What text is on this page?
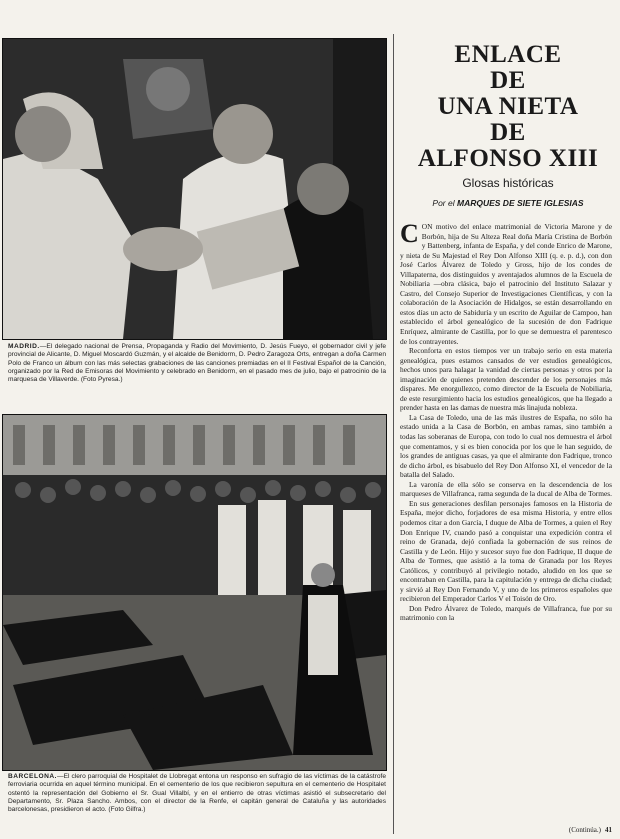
MADRID.—El delegado nacional de Prensa, Propaganda y Radio del Movimiento, D. Jesús Fueyo, el gobernador civil y jefe provincial de Alicante, D. Miguel Moscardó Guzmán, y el alcalde de Benidorm, D. Pedro Zaragoza Orts, entregan a doña Carmen Polo de Franco un álbum con las más selectas grabaciones de las canciones premiadas en el II Festival Español de la Canción, organizado por la Red de Emisoras del Movimiento y celebrado en Benidorm, en el pasado mes de julio, bajo el patrocinio de la marquesa de Villaverde. (Foto Pyresa.)
BARCELONA.—El clero parroquial de Hospitalet de Llobregat entona un responso en sufragio de las víctimas de la catástrofe ferroviaria ocurrida en aquel término municipal. En el cementerio de los que recibieron sepultura en el cementerio de Hospitalet ostentó la representación del Gobierno el Sr. Gual Villalbí, y en el entierro de otras víctimas asistió el subsecretario del Departamento, Sr. Plaza Sancho. Ambos, con el director de la Renfe, el capitán general de Cataluña y las autoridades barcelonesas, presidieron el acto. (Foto Gilfra.)
ENLACE
DE
UNA NIETA
DE
ALFONSO XIII
Glosas históricas
Por el MARQUES DE SIETE IGLESIAS

CON motivo del enlace matrimonial de Victoria Marone y de Borbón, hija de Su Alteza Real doña María Cristina de Borbón y Battenberg, infanta de España, y del conde Enrico de Marone, y nieta de Su Majestad el Rey Don Alfonso XIII (q. e. p. d.), con don José Carlos Álvarez de Toledo y Gross, hijo de los condes de Villapaterna, dos distinguidos y aventajados alumnos de la Escuela de Nobiliaria —obra clásica, bajo el patrocinio del Instituto Salazar y Castro, del Consejo Superior de Investigaciones Científicas, y con la colaboración de la Asociación de Hidalgos, se están desarrollando en estos días un acto de Sabiduría y un escrito de Aguilar de Campoo, han establecido el árbol genealógico de la sucesión de don Fadrique Enríquez, almirante de Castilla, por lo que se demuestra el parentesco de los contrayentes.

Reconforta en estos tiempos ver un trabajo serio en esta materia genealógica, pues estamos cansados de ver estudios genealógicos, hechos unos para halagar la vanidad de ciertas personas y otros por la imaginación de quienes pretenden descender de los personajes más dispares. Me enorgullezco, como director de la Escuela de Nobiliaria, de este resurgimiento hacia los estudios genealógicos, que ha llegado a prender hasta en las damas de nuestra más linajuda nobleza.

La Casa de Toledo, una de las más ilustres de España, no sólo ha estado unida a la Casa de Borbón, en ambas ramas, sino también a todas las soberanas de Europa, con todo lo cual nos demuestra el árbol que comentamos, y si es bien conocida por los que le han seguido, de los grandes de antiguas casas, ya que el almirante don Fadrique, tronco de dicho árbol, es bisabuelo del Rey Don Alfonso XI, el vencedor de la batalla del Salado.

La varonía de ella sólo se conserva en la descendencia de los marqueses de Villafranca, rama segunda de la ducal de Alba de Tormes.

En sus generaciones desfilan personajes famosos en la Historia de España, mejor dicho, forjadores de esa misma Historia, y entre ellos podemos citar a don García, I duque de Alba de Tormes, a quien el Rey Don Enrique IV, cuando pasó a conquistar una expedición contra el reino de Granada, dejó confiada la gobernación de sus reinos de Castilla y de León. Hijo y sucesor suyo fue don Fadrique, II duque de Alba de Tormes, que asistió a la toma de Granada por los Reyes Católicos, y contribuyó al privilegio notado, aludido en los que se encontraban en Castilla, para la capitulación y entrega de dicha ciudad; y sirvió al Rey Don Fernando V, y uno de los primeros españoles que recibieron del Emperador Carlos V el Toisón de Oro.

Don Pedro Álvarez de Toledo, marqués de Villafranca, fue por su matrimonio con la

(Continúa.) 41
